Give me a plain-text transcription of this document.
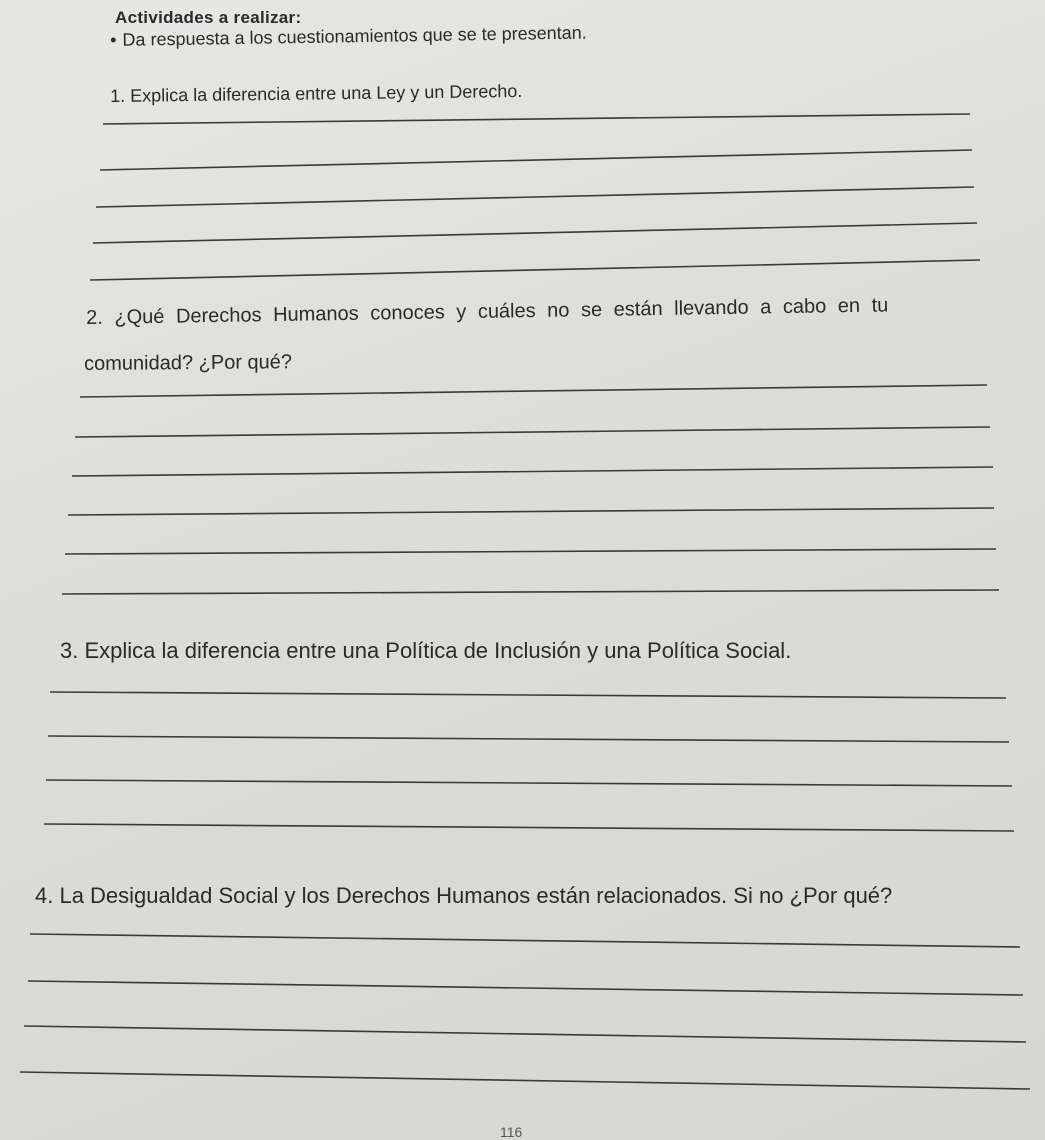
Actividades a realizar:

• Da respuesta a los cuestionamientos que se te presentan.

1. Explica la diferencia entre una Ley y un Derecho.

2. ¿Qué Derechos Humanos conoces y cuáles no se están llevando a cabo en tu

comunidad? ¿Por qué?

3. Explica la diferencia entre una Política de Inclusión y una Política Social.

4. La Desigualdad Social y los Derechos Humanos están relacionados. Si no ¿Por qué?

116
